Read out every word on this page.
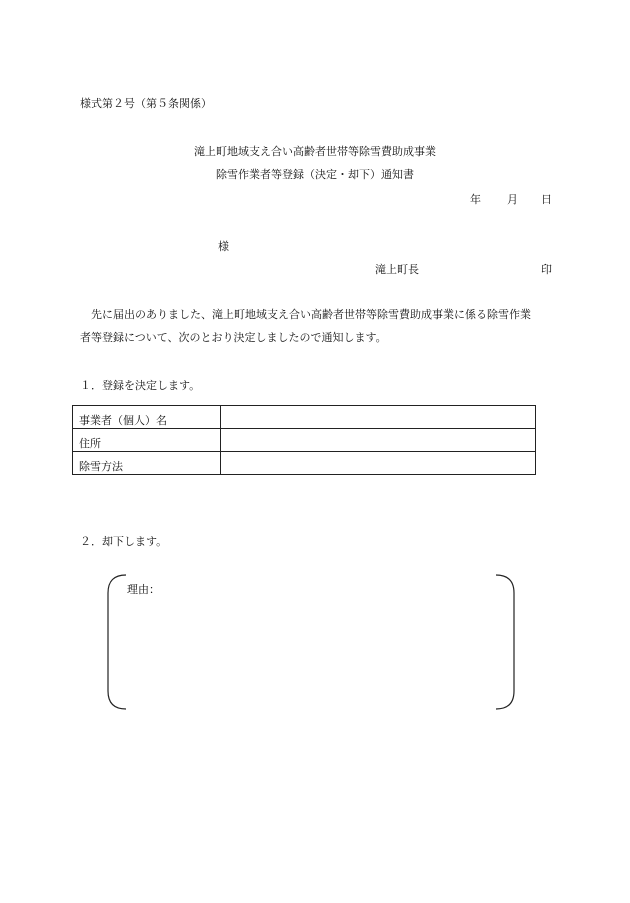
様式第２号（第５条関係）
滝上町地域支え合い高齢者世帯等除雪費助成事業
除雪作業者等登録（決定・却下）通知書
年 月 日
様
滝上町長	印
　先に届出のありました、滝上町地域支え合い高齢者世帯等除雪費助成事業に係る除雪作業
者等登録について、次のとおり決定しましたので通知します。
１．登録を決定します。
事業者（個人）名	
住所	
除雪方法	
２．却下します。
理由：
